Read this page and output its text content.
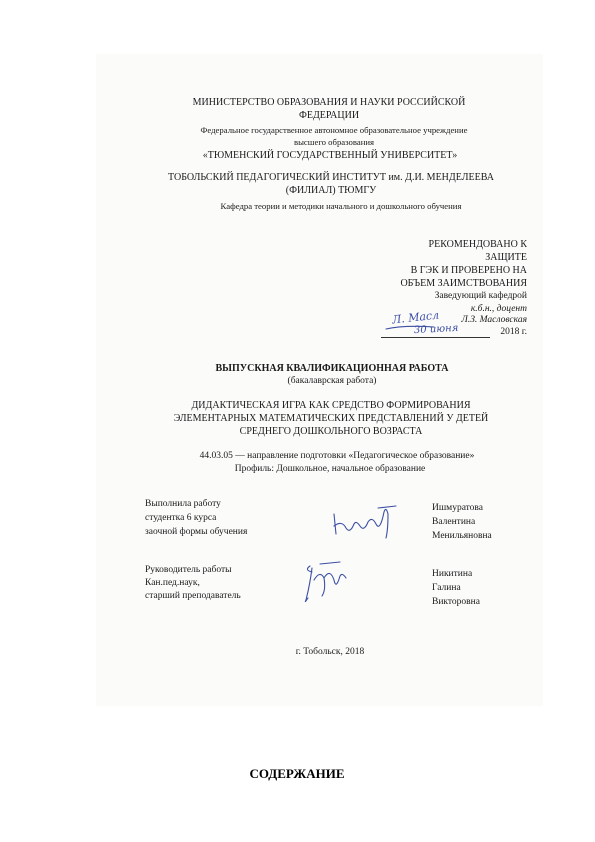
МИНИСТЕРСТВО ОБРАЗОВАНИЯ И НАУКИ РОССИЙСКОЙ
ФЕДЕРАЦИИ
Федеральное государственное автономное образовательное учреждение
высшего образования
«ТЮМЕНСКИЙ ГОСУДАРСТВЕННЫЙ УНИВЕРСИТЕТ»
ТОБОЛЬСКИЙ ПЕДАГОГИЧЕСКИЙ ИНСТИТУТ им. Д.И. МЕНДЕЛЕЕВА
(ФИЛИАЛ) ТЮМГУ
Кафедра теории и методики начального и дошкольного обучения
РЕКОМЕНДОВАНО К
ЗАЩИТЕ
В ГЭК И ПРОВЕРЕНО НА
ОБЪЕМ ЗАИМСТВОВАНИЯ
Заведующий кафедрой
к.б.н., доцент
Л.З. Масловская
Л. Масл
30 июня	2018 г.
ВЫПУСКНАЯ КВАЛИФИКАЦИОННАЯ РАБОТА
(бакалаврская работа)
ДИДАКТИЧЕСКАЯ ИГРА КАК СРЕДСТВО ФОРМИРОВАНИЯ
ЭЛЕМЕНТАРНЫХ МАТЕМАТИЧЕСКИХ ПРЕДСТАВЛЕНИЙ У ДЕТЕЙ
СРЕДНЕГО ДОШКОЛЬНОГО ВОЗРАСТА
44.03.05 — направление подготовки «Педагогическое образование»
Профиль: Дошкольное, начальное образование
Выполнила работу
студентка 6 курса
заочной формы обучения
Ишмуратова
Валентина
Менильяновна
Руководитель работы
Кан.пед.наук,
старший преподаватель
Никитина
Галина
Викторовна
г. Тобольск, 2018
СОДЕРЖАНИЕ
